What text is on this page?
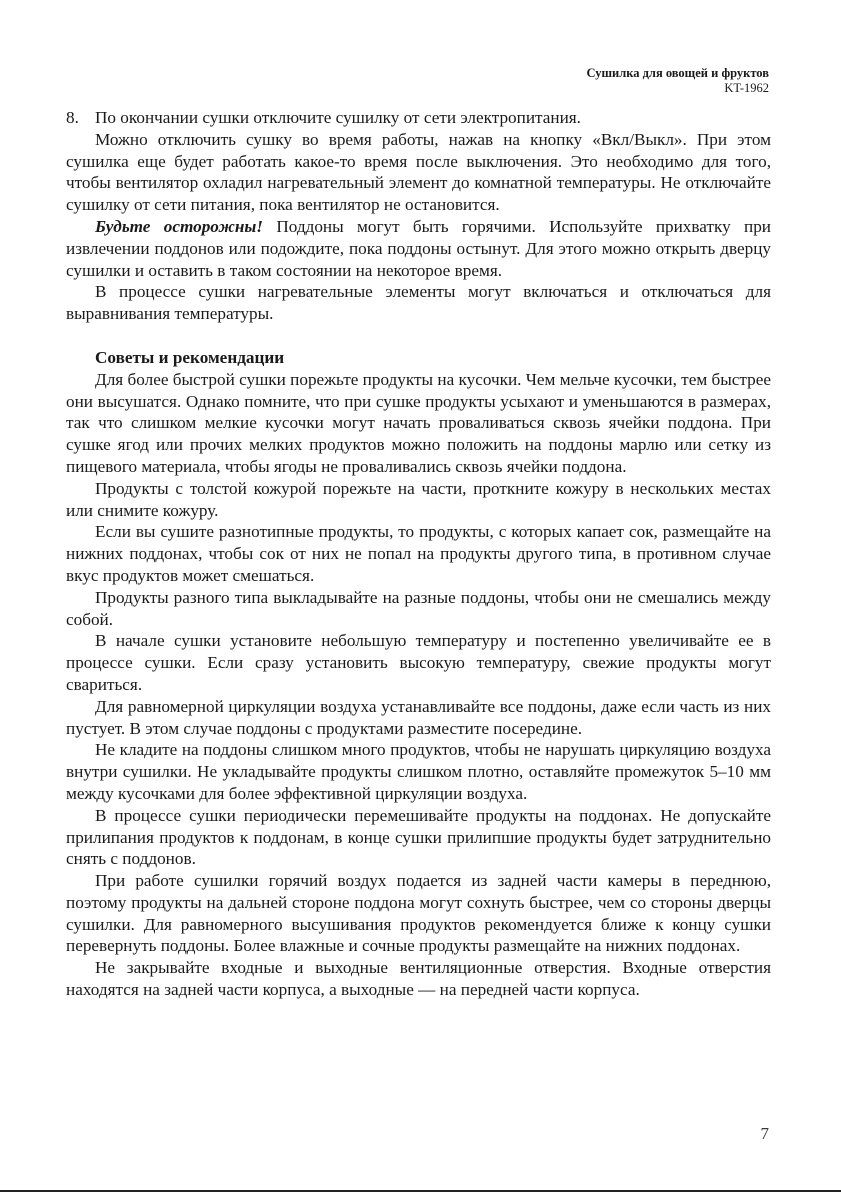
Сушилка для овощей и фруктов
KT-1962

8. По окончании сушки отключите сушилку от сети электропитания.

Можно отключить сушку во время работы, нажав на кнопку «Вкл/Выкл». При этом сушилка еще будет работать какое-то время после выключения. Это необходимо для того, чтобы вентилятор охладил нагревательный элемент до комнатной температуры. Не отключайте сушилку от сети питания, пока вентилятор не остановится.

Будьте осторожны! Поддоны могут быть горячими. Используйте прихватку при извлечении поддонов или подождите, пока поддоны остынут. Для этого можно открыть дверцу сушилки и оставить в таком состоянии на некоторое время.

В процессе сушки нагревательные элементы могут включаться и отключаться для выравнивания температуры.

Советы и рекомендации

Для более быстрой сушки порежьте продукты на кусочки. Чем мельче кусочки, тем быстрее они высушатся. Однако помните, что при сушке продукты усыхают и уменьшаются в размерах, так что слишком мелкие кусочки могут начать проваливаться сквозь ячейки поддона. При сушке ягод или прочих мелких продуктов можно положить на поддоны марлю или сетку из пищевого материала, чтобы ягоды не проваливались сквозь ячейки поддона.

Продукты с толстой кожурой порежьте на части, проткните кожуру в нескольких местах или снимите кожуру.

Если вы сушите разнотипные продукты, то продукты, с которых капает сок, размещайте на нижних поддонах, чтобы сок от них не попал на продукты другого типа, в противном случае вкус продуктов может смешаться.

Продукты разного типа выкладывайте на разные поддоны, чтобы они не смешались между собой.

В начале сушки установите небольшую температуру и постепенно увеличивайте ее в процессе сушки. Если сразу установить высокую температуру, свежие продукты могут свариться.

Для равномерной циркуляции воздуха устанавливайте все поддоны, даже если часть из них пустует. В этом случае поддоны с продуктами разместите посередине.

Не кладите на поддоны слишком много продуктов, чтобы не нарушать циркуляцию воздуха внутри сушилки. Не укладывайте продукты слишком плотно, оставляйте промежуток 5–10 мм между кусочками для более эффективной циркуляции воздуха.

В процессе сушки периодически перемешивайте продукты на поддонах. Не допускайте прилипания продуктов к поддонам, в конце сушки прилипшие продукты будет затруднительно снять с поддонов.

При работе сушилки горячий воздух подается из задней части камеры в переднюю, поэтому продукты на дальней стороне поддона могут сохнуть быстрее, чем со стороны дверцы сушилки. Для равномерного высушивания продуктов рекомендуется ближе к концу сушки перевернуть поддоны. Более влажные и сочные продукты размещайте на нижних поддонах.

Не закрывайте входные и выходные вентиляционные отверстия. Входные отверстия находятся на задней части корпуса, а выходные — на передней части корпуса.

7
